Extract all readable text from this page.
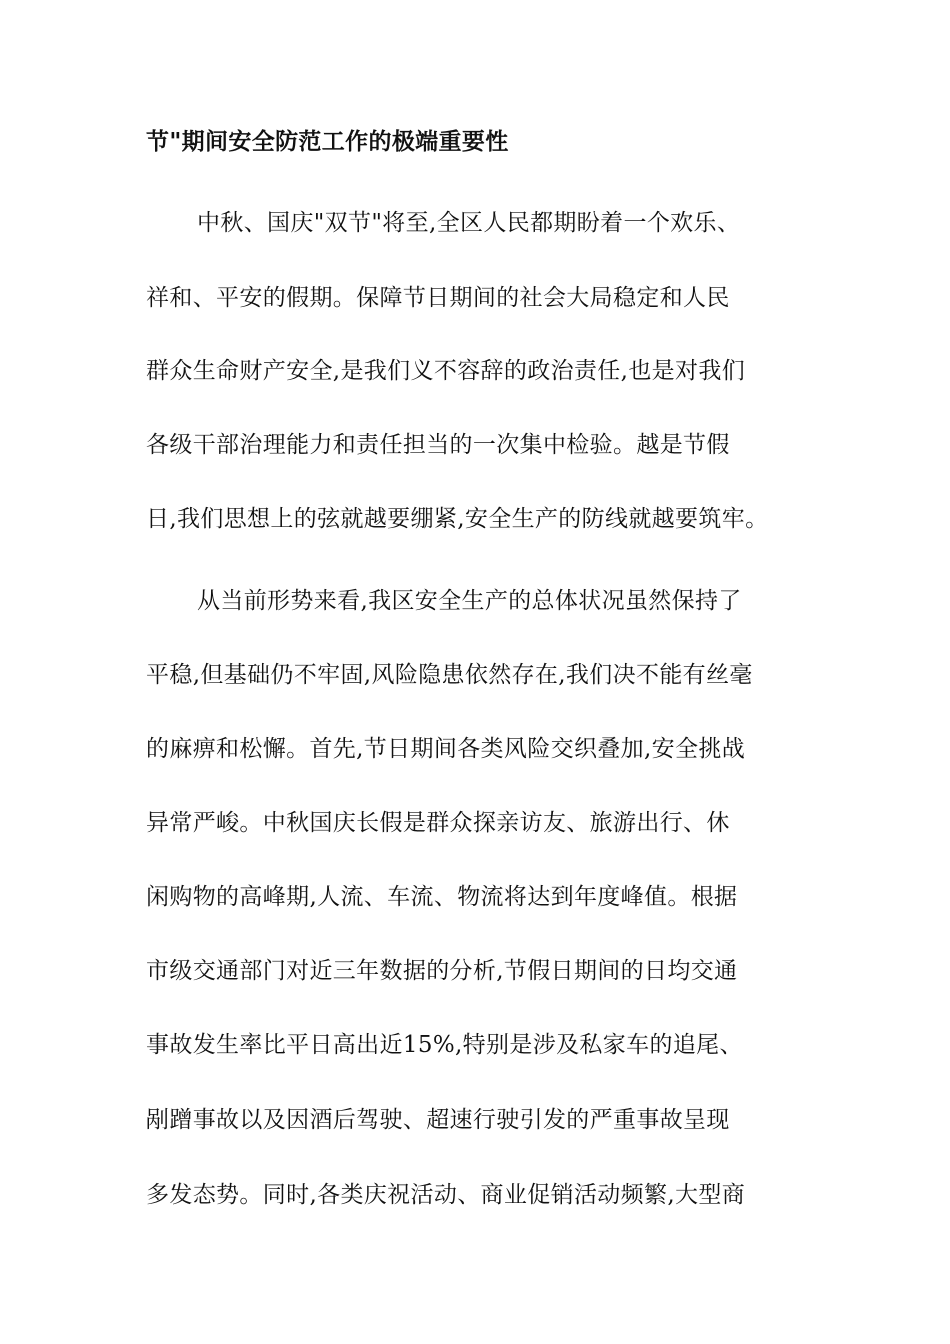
节"期间安全防范工作的极端重要性

中秋、国庆"双节"将至,全区人民都期盼着一个欢乐、

祥和、平安的假期。保障节日期间的社会大局稳定和人民

群众生命财产安全,是我们义不容辞的政治责任,也是对我们

各级干部治理能力和责任担当的一次集中检验。越是节假

日,我们思想上的弦就越要绷紧,安全生产的防线就越要筑牢。

从当前形势来看,我区安全生产的总体状况虽然保持了

平稳,但基础仍不牢固,风险隐患依然存在,我们决不能有丝毫

的麻痹和松懈。首先,节日期间各类风险交织叠加,安全挑战

异常严峻。中秋国庆长假是群众探亲访友、旅游出行、休

闲购物的高峰期,人流、车流、物流将达到年度峰值。根据

市级交通部门对近三年数据的分析,节假日期间的日均交通

事故发生率比平日高出近15%,特别是涉及私家车的追尾、

剐蹭事故以及因酒后驾驶、超速行驶引发的严重事故呈现

多发态势。同时,各类庆祝活动、商业促销活动频繁,大型商
